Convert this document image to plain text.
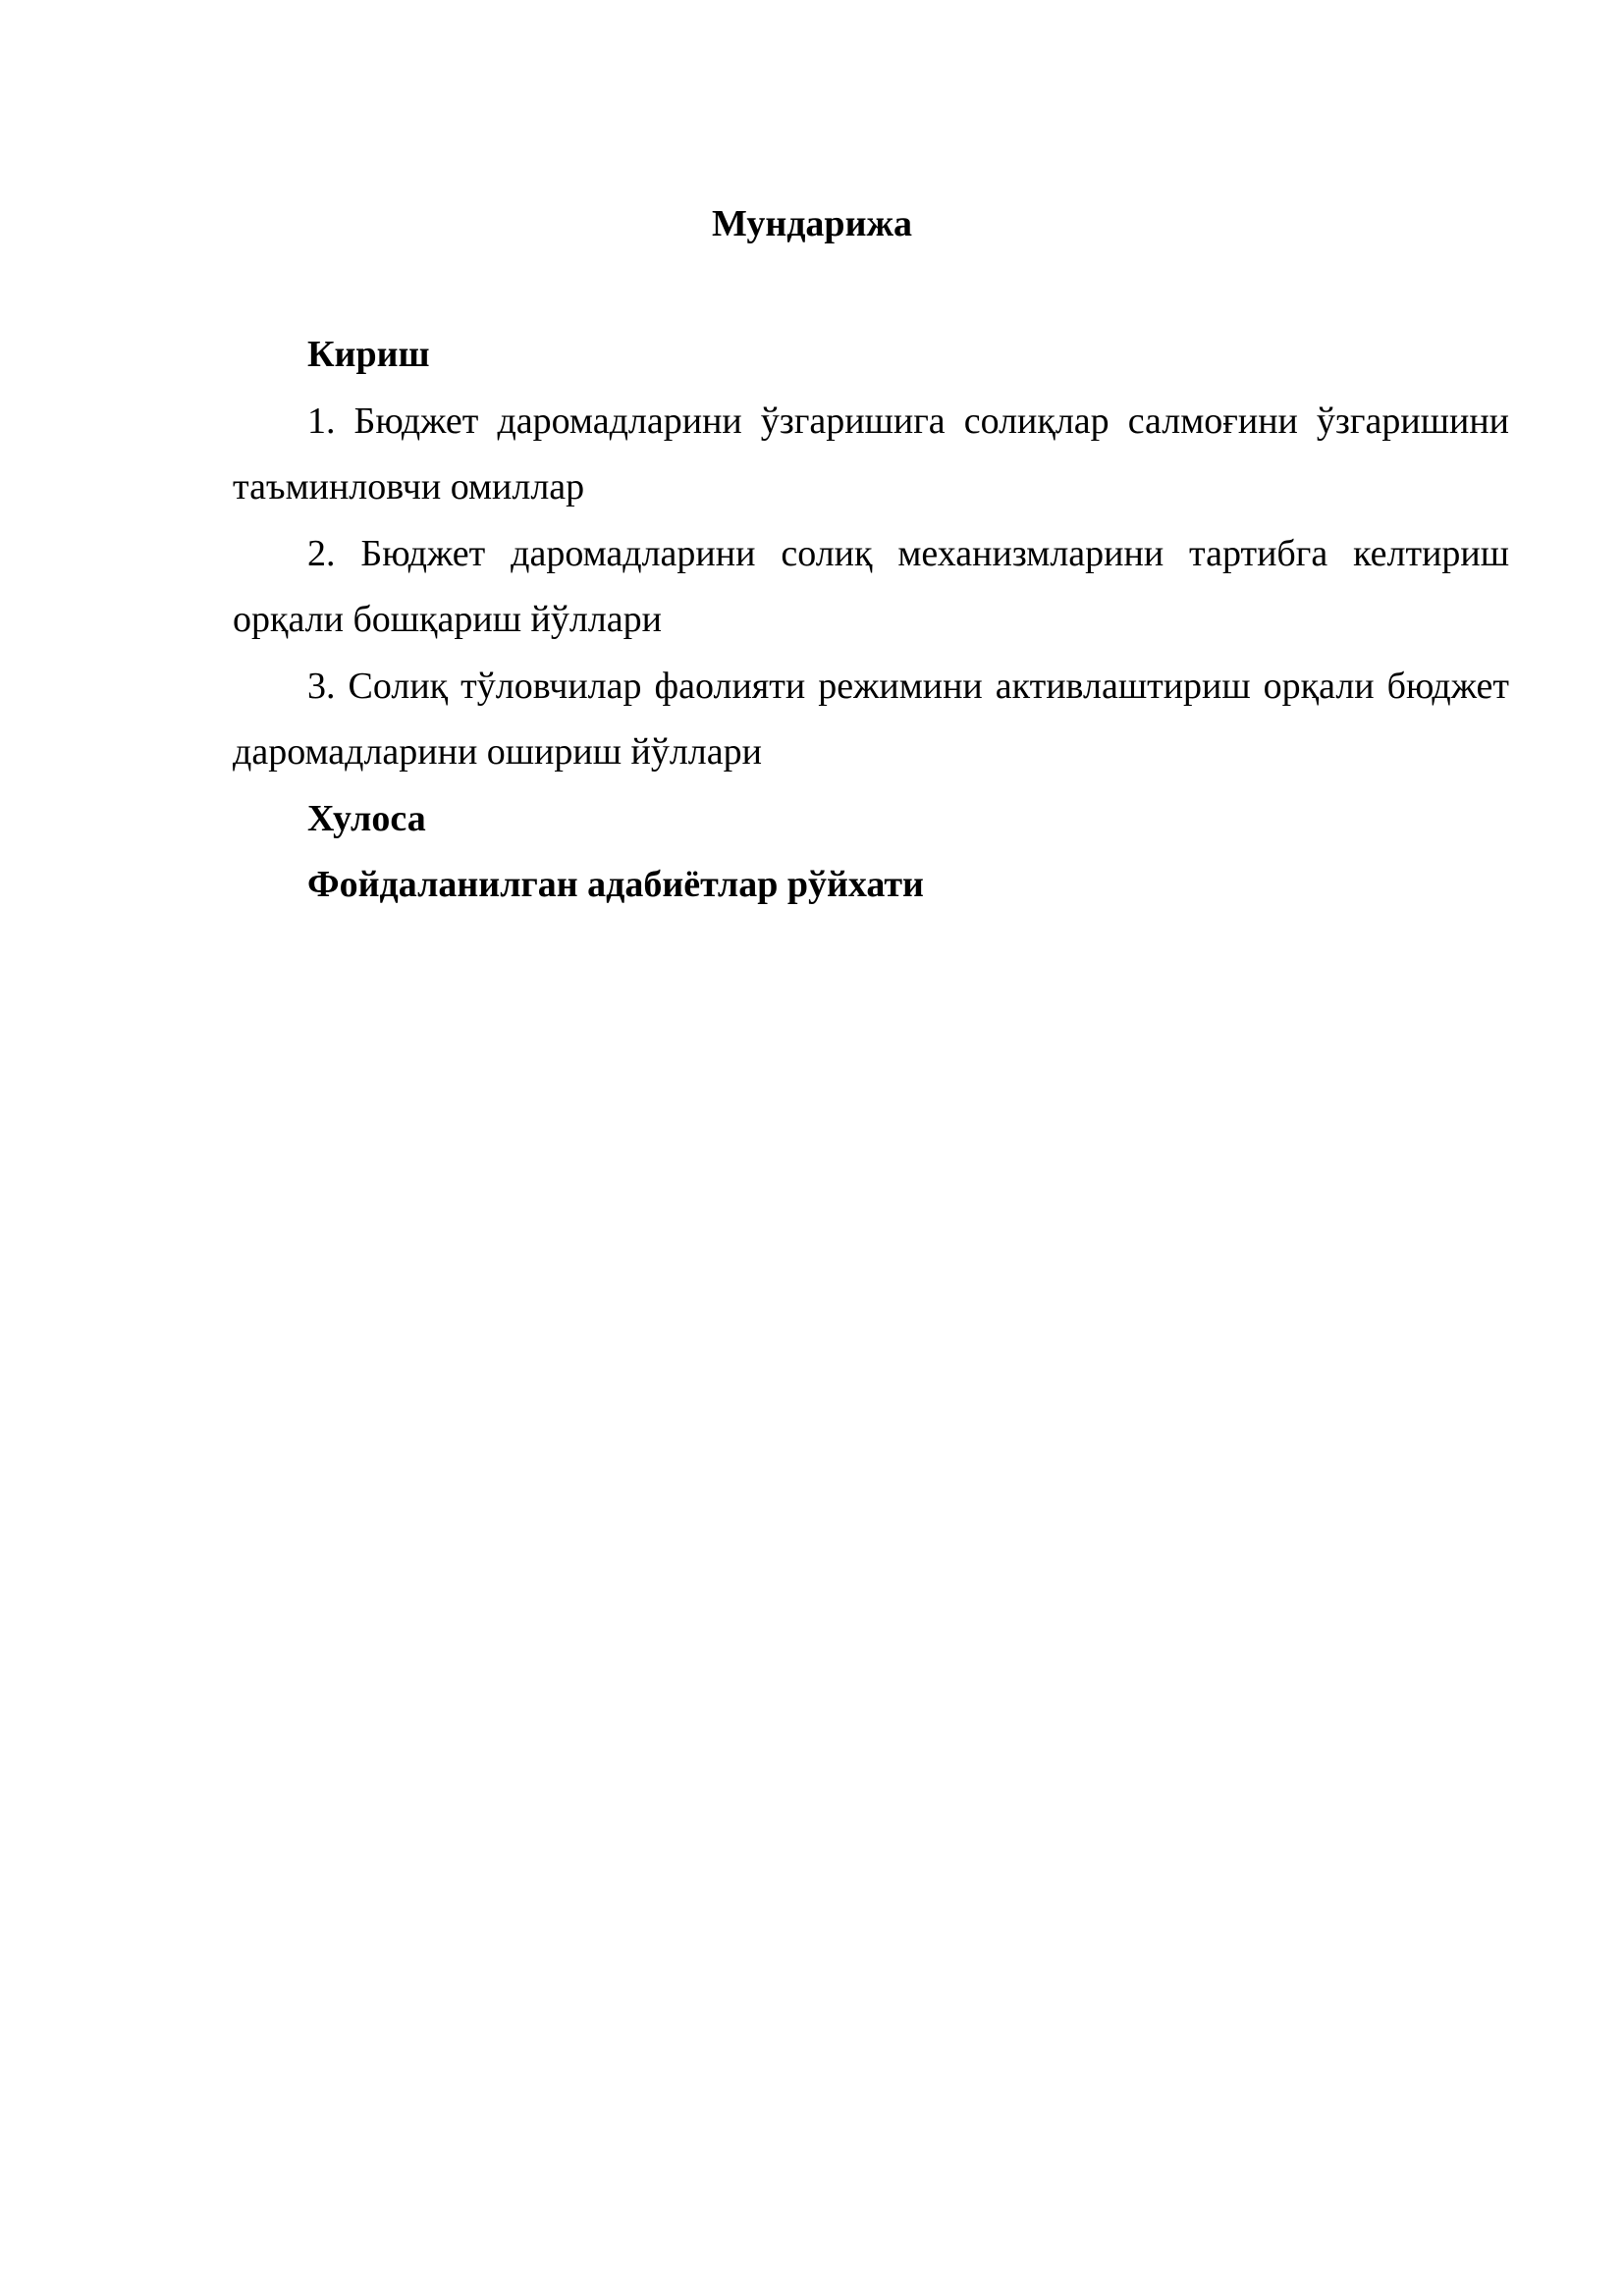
Мундарижа

Кириш

1. Бюджет даромадларини ўзгаришига солиқлар салмоғини ўзгаришини таъминловчи омиллар

2. Бюджет даромадларини солиқ механизмларини тартибга келтириш орқали бошқариш йўллари

3. Солиқ тўловчилар фаолияти режимини активлаштириш орқали бюджет даромадларини ошириш йўллари

Хулоса

Фойдаланилган адабиётлар рўйхати
